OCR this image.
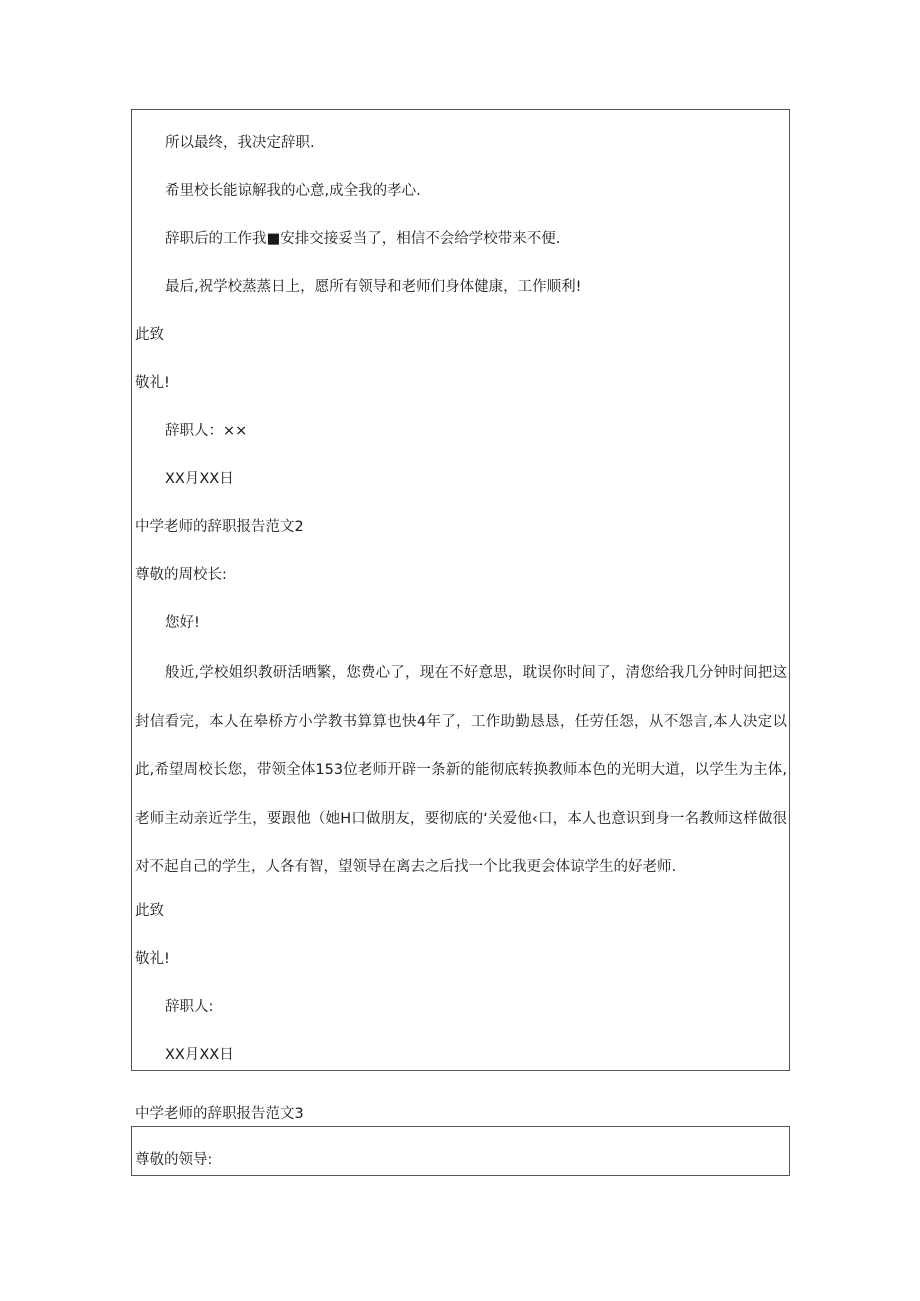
所以最终，我决定辞职.
希里校长能谅解我的心意,成全我的孝心.
辞职后的工作我■安排交接妥当了，相信不会给学校带来不便.
最后,祝学校蒸蒸日上，愿所有领导和老师们身体健康，工作顺利!
此致
敬礼!
辞职人：××
XX月XX日
中学老师的辞职报告范文2
尊敬的周校长:
您好!
般近,学校姐织教研活晒繁，您费心了，现在不好意思，耽误你时间了，清您给我几分钟时间把这封信看完，本人在皋桥方小学教书算算也快4年了，工作助勤恳恳，任劳任怨，从不怨言,本人决定以此,希望周校长您，带领全体153位老师开辟一条新的能彻底转换教师本色的光明大道，以学生为主体,老师主动亲近学生，要跟他（她H口做朋友，要彻底的‘关爱他‹口，本人也意识到身一名教师这样做很对不起自己的学生，人各有智，望领导在离去之后找一个比我更会体谅学生的好老师.
此致
敬礼!
辞职人:
XX月XX日
中学老师的辞职报告范文3
尊敬的领导:
